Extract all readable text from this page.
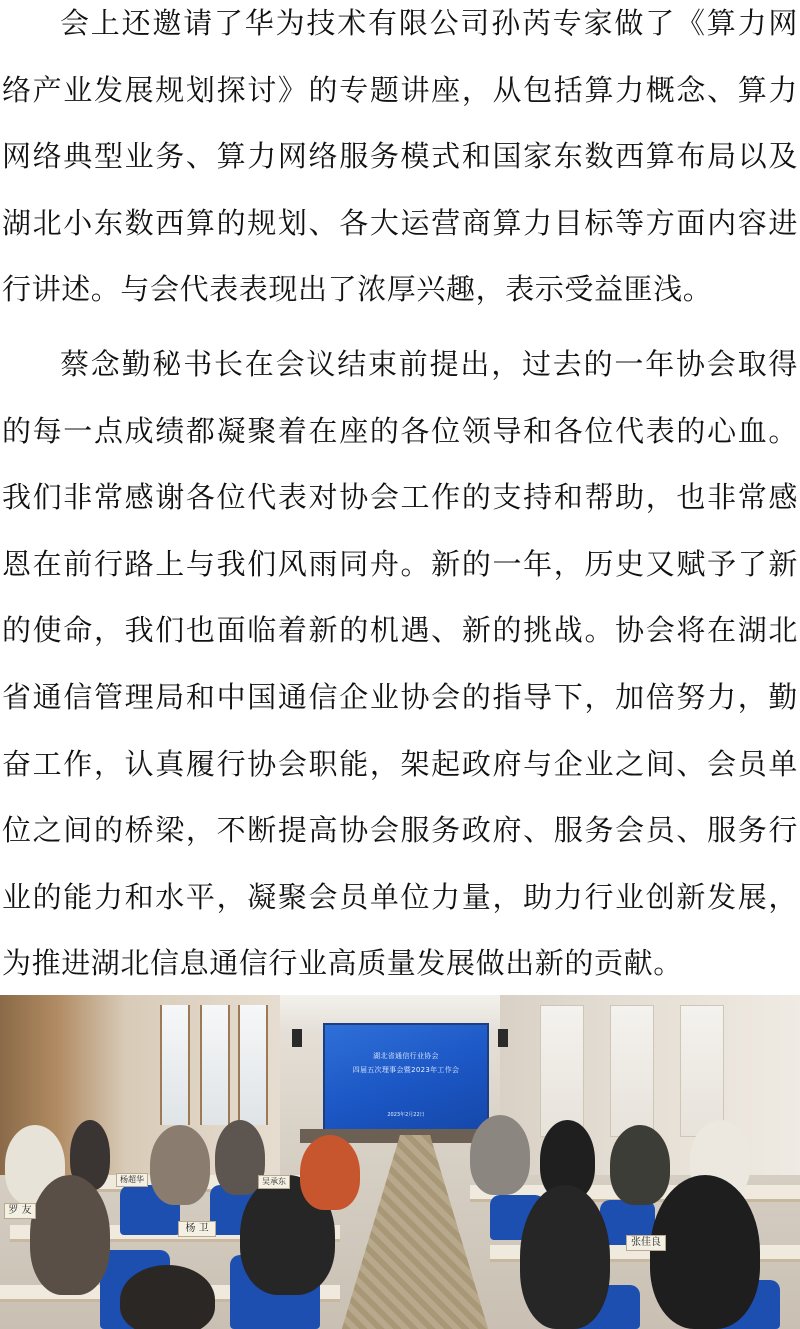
会上还邀请了华为技术有限公司孙芮专家做了《算力网络产业发展规划探讨》的专题讲座，从包括算力概念、算力网络典型业务、算力网络服务模式和国家东数西算布局以及湖北小东数西算的规划、各大运营商算力目标等方面内容进行讲述。与会代表表现出了浓厚兴趣，表示受益匪浅。

蔡念勤秘书长在会议结束前提出，过去的一年协会取得的每一点成绩都凝聚着在座的各位领导和各位代表的心血。我们非常感谢各位代表对协会工作的支持和帮助，也非常感恩在前行路上与我们风雨同舟。新的一年，历史又赋予了新的使命，我们也面临着新的机遇、新的挑战。协会将在湖北省通信管理局和中国通信企业协会的指导下，加倍努力，勤奋工作，认真履行协会职能，架起政府与企业之间、会员单位之间的桥梁，不断提高协会服务政府、服务会员、服务行业的能力和水平，凝聚会员单位力量，助力行业创新发展，为推进湖北信息通信行业高质量发展做出新的贡献。

湖北省通信行业协会
四届五次理事会暨2023年工作会
2023年2月22日
杨 卫
张佳良
罗 友
杨超华	吴承东
